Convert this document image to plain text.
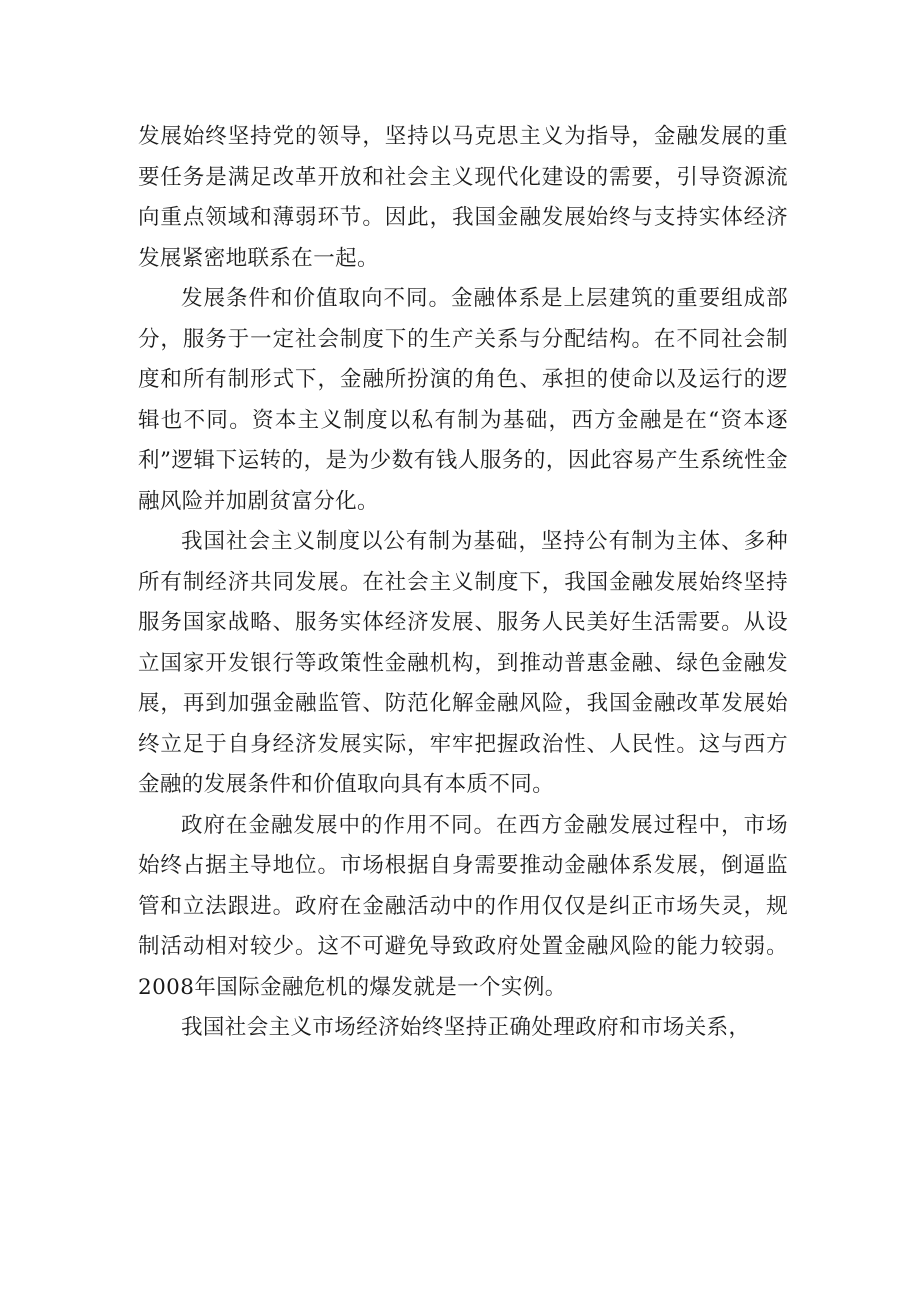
发展始终坚持党的领导，坚持以马克思主义为指导，金融发展的重要任务是满足改革开放和社会主义现代化建设的需要，引导资源流向重点领域和薄弱环节。因此，我国金融发展始终与支持实体经济发展紧密地联系在一起。

发展条件和价值取向不同。金融体系是上层建筑的重要组成部分，服务于一定社会制度下的生产关系与分配结构。在不同社会制度和所有制形式下，金融所扮演的角色、承担的使命以及运行的逻辑也不同。资本主义制度以私有制为基础，西方金融是在“资本逐利”逻辑下运转的，是为少数有钱人服务的，因此容易产生系统性金融风险并加剧贫富分化。

我国社会主义制度以公有制为基础，坚持公有制为主体、多种所有制经济共同发展。在社会主义制度下，我国金融发展始终坚持服务国家战略、服务实体经济发展、服务人民美好生活需要。从设立国家开发银行等政策性金融机构，到推动普惠金融、绿色金融发展，再到加强金融监管、防范化解金融风险，我国金融改革发展始终立足于自身经济发展实际，牢牢把握政治性、人民性。这与西方金融的发展条件和价值取向具有本质不同。

政府在金融发展中的作用不同。在西方金融发展过程中，市场始终占据主导地位。市场根据自身需要推动金融体系发展，倒逼监管和立法跟进。政府在金融活动中的作用仅仅是纠正市场失灵，规制活动相对较少。这不可避免导致政府处置金融风险的能力较弱。2008年国际金融危机的爆发就是一个实例。

我国社会主义市场经济始终坚持正确处理政府和市场关系，
